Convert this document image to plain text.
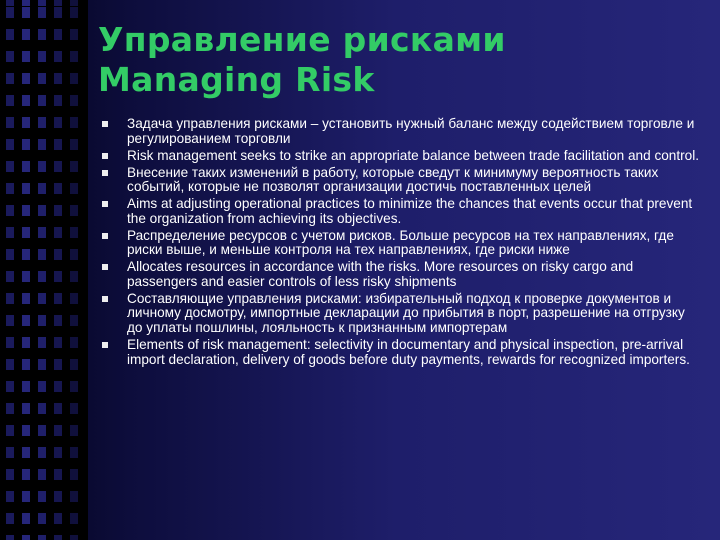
Управление рисками
Managing Risk
Задача управления рисками – установить нужный баланс между содействием торговле и регулированием торговли
Risk management seeks to strike an appropriate balance between trade facilitation and control.
Внесение таких изменений в работу, которые сведут к минимуму вероятность таких событий, которые не позволят организации достичь поставленных целей
Aims at adjusting operational practices to minimize the chances that events occur that prevent the organization from achieving its objectives.
Распределение ресурсов с учетом рисков. Больше ресурсов на тех направлениях, где риски выше, и меньше контроля на тех направлениях, где риски ниже
Allocates resources in accordance with the risks. More resources on risky cargo and passengers and easier controls of less risky shipments
Составляющие управления рисками: избирательный подход к проверке документов и личному досмотру, импортные декларации до прибытия в порт, разрешение на отгрузку до уплаты пошлины, лояльность к признанным импортерам
Elements of risk management: selectivity in documentary and physical inspection, pre-arrival import declaration, delivery of goods before duty payments, rewards for recognized importers.
